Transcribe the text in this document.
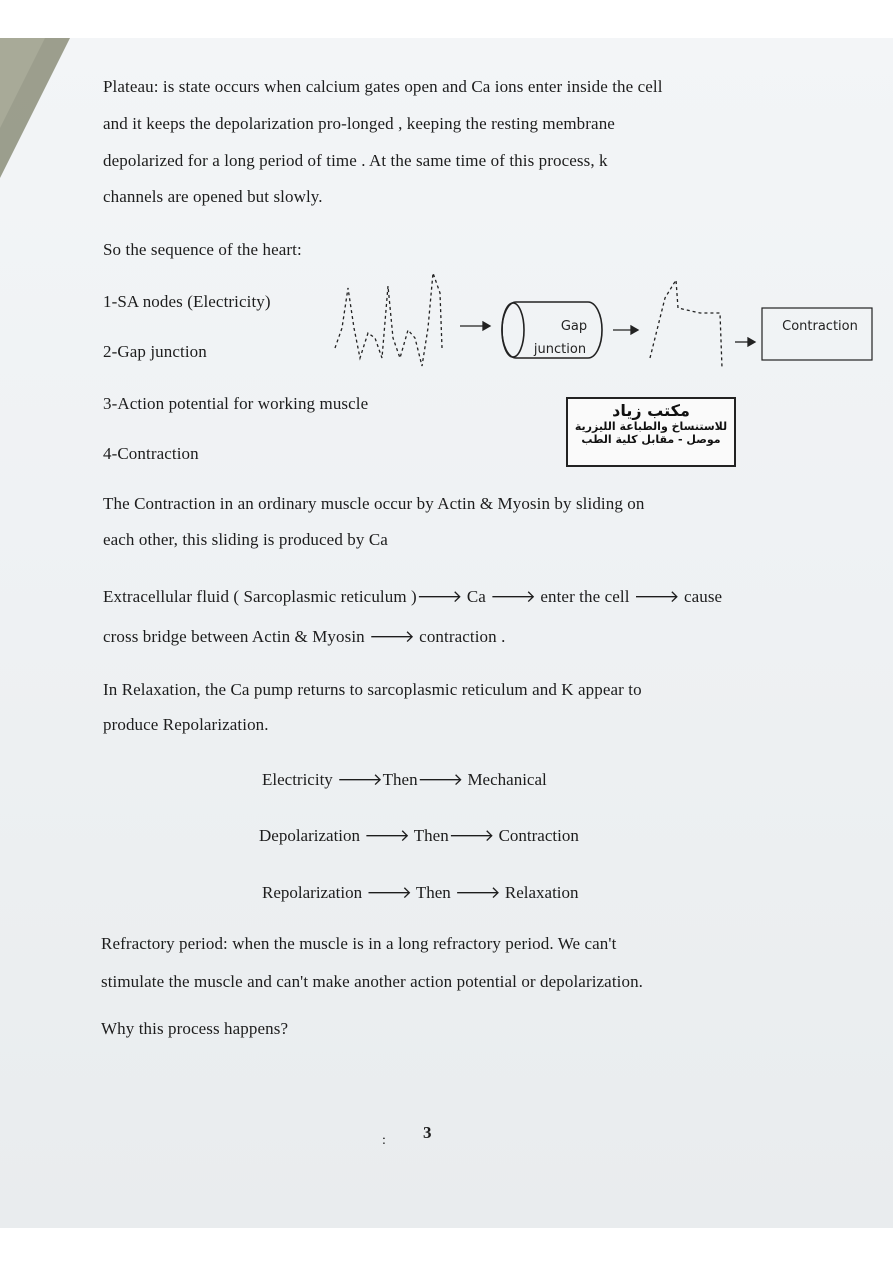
Plateau: is state occurs when calcium gates open and Ca ions enter inside the cell
and it keeps the depolarization pro-longed , keeping the resting membrane
depolarized for a long period of time . At the same time of this process, k
channels are opened but slowly.
So the sequence of the heart:
1-SA nodes (Electricity)
2-Gap junction
3-Action potential for working muscle
4-Contraction
Gap
junction
Contraction
مكتب زياد
للاستنساخ والطباعة الليزرية
موصل - مقابل كلية الطب
The Contraction in an ordinary muscle occur by Actin & Myosin by sliding on
each other, this sliding is produced by Ca
Extracellular fluid ( Sarcoplasmic reticulum )🡒 Ca 🡒 enter the cell 🡒 cause
cross bridge between Actin & Myosin 🡒 contraction .
In Relaxation, the Ca pump returns to sarcoplasmic reticulum and K appear to
produce Repolarization.
Electricity 🡒Then🡒 Mechanical
Depolarization 🡒 Then🡒 Contraction
Repolarization 🡒 Then 🡒 Relaxation
Refractory period: when the muscle is in a long refractory period. We can't
stimulate the muscle and can't make another action potential or depolarization.
Why this process happens?
: 3
